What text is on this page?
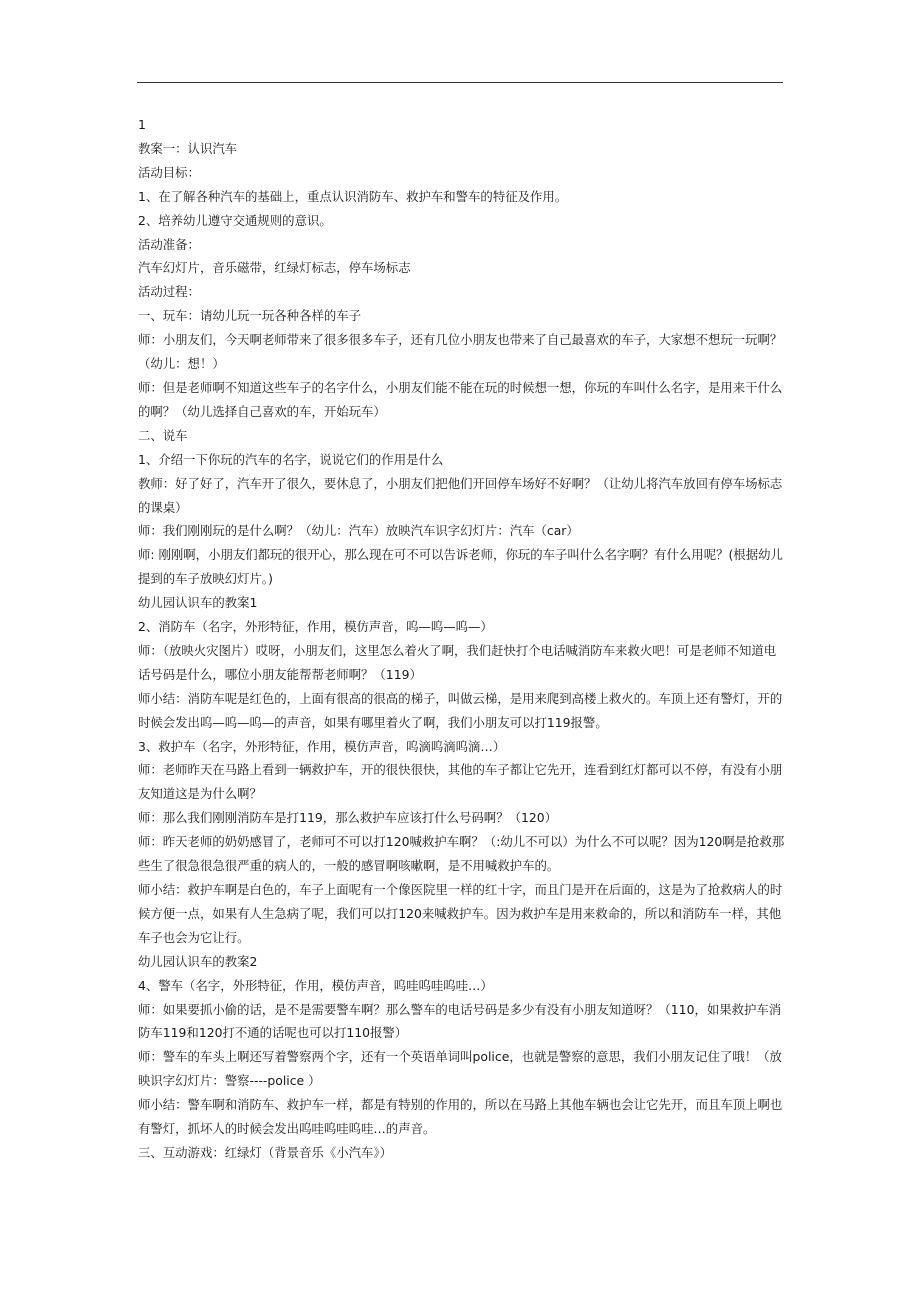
1

教案一：认识汽车

活动目标：

1、在了解各种汽车的基础上，重点认识消防车、救护车和警车的特征及作用。

2、培养幼儿遵守交通规则的意识。

活动准备：

汽车幻灯片，音乐磁带，红绿灯标志，停车场标志

活动过程：

一、玩车：请幼儿玩一玩各种各样的车子

师：小朋友们，今天啊老师带来了很多很多车子，还有几位小朋友也带来了自己最喜欢的车子，大家想不想玩一玩啊？（幼儿：想！）

师：但是老师啊不知道这些车子的名字什么，小朋友们能不能在玩的时候想一想，你玩的车叫什么名字，是用来干什么的啊？（幼儿选择自己喜欢的车，开始玩车）

二、说车

1、介绍一下你玩的汽车的名字，说说它们的作用是什么

教师：好了好了，汽车开了很久，要休息了，小朋友们把他们开回停车场好不好啊？（让幼儿将汽车放回有停车场标志的课桌）

师：我们刚刚玩的是什么啊？（幼儿：汽车）放映汽车识字幻灯片：汽车（car）

师: 刚刚啊，小朋友们都玩的很开心，那么现在可不可以告诉老师，你玩的车子叫什么名字啊？有什么用呢？(根据幼儿提到的车子放映幻灯片。)

幼儿园认识车的教案1

2、消防车（名字，外形特征，作用，模仿声音，呜—呜—呜—）

师：（放映火灾图片）哎呀，小朋友们，这里怎么着火了啊，我们赶快打个电话喊消防车来救火吧！可是老师不知道电话号码是什么，哪位小朋友能帮帮老师啊？（119）

师小结：消防车呢是红色的，上面有很高的很高的梯子，叫做云梯，是用来爬到高楼上救火的。车顶上还有警灯，开的时候会发出呜—呜—呜—的声音，如果有哪里着火了啊，我们小朋友可以打119报警。

3、救护车（名字，外形特征，作用，模仿声音，呜滴呜滴呜滴…）

师：老师昨天在马路上看到一辆救护车，开的很快很快，其他的车子都让它先开，连看到红灯都可以不停，有没有小朋友知道这是为什么啊？

师：那么我们刚刚消防车是打119，那么救护车应该打什么号码啊？（120）

师：昨天老师的奶奶感冒了，老师可不可以打120喊救护车啊？（:幼儿不可以）为什么不可以呢？因为120啊是抢救那些生了很急很急很严重的病人的，一般的感冒啊咳嗽啊，是不用喊救护车的。

师小结：救护车啊是白色的，车子上面呢有一个像医院里一样的红十字，而且门是开在后面的，这是为了抢救病人的时候方便一点，如果有人生急病了呢，我们可以打120来喊救护车。因为救护车是用来救命的，所以和消防车一样，其他车子也会为它让行。

幼儿园认识车的教案2

4、警车（名字，外形特征，作用，模仿声音，呜哇呜哇呜哇…）

师：如果要抓小偷的话，是不是需要警车啊？那么警车的电话号码是多少有没有小朋友知道呀？（110，如果救护车消防车119和120打不通的话呢也可以打110报警）

师：警车的车头上啊还写着警察两个字，还有一个英语单词叫police，也就是警察的意思，我们小朋友记住了哦！（放映识字幻灯片：警察----police ）

师小结：警车啊和消防车、救护车一样，都是有特别的作用的，所以在马路上其他车辆也会让它先开，而且车顶上啊也有警灯，抓坏人的时候会发出呜哇呜哇呜哇…的声音。

三、互动游戏：红绿灯（背景音乐《小汽车》）
